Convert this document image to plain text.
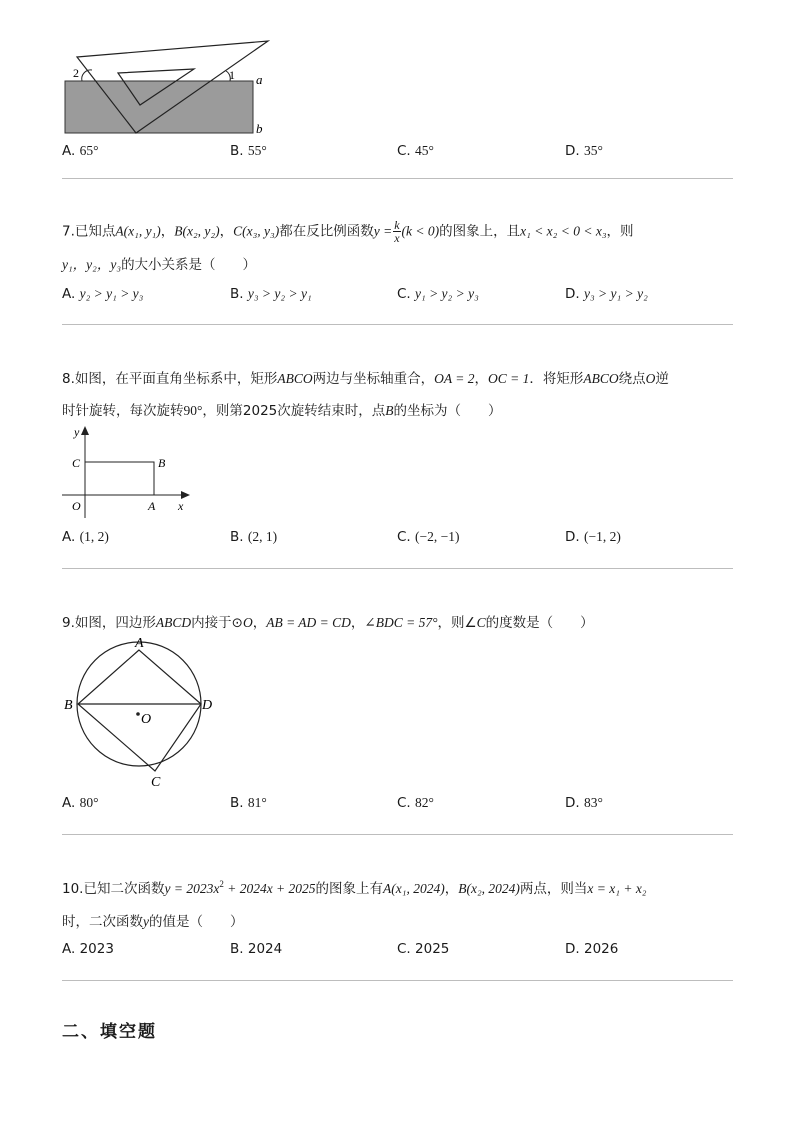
2	1 a
b
A. 65°	B. 55°	C. 45°	D. 35°
7.已知点A(x₁, y₁)，B(x₂, y₂)，C(x₃, y₃)都在反比例函数$y = \frac{k}{x} (k < 0)$的图象上，且x₁ < x₂ < 0 < x₃，则
y₁，y₂，y₃的大小关系是（　　）
A. y₂ > y₁ > y₃	B. y₃ > y₂ > y₁	C. y₁ > y₂ > y₃	D. y₃ > y₁ > y₂
8.如图，在平面直角坐标系中，矩形ABCO两边与坐标轴重合，OA = 2，OC = 1．将矩形ABCO绕点O逆
时针旋转，每次旋转90°，则第2025次旋转结束时，点B的坐标为（　　）
y
x
C	B
O	A
A. (1, 2)	B. (2, 1)	C. (−2, −1)	D. (−1, 2)
9.如图，四边形ABCD内接于⊙O，AB = AD = CD，∠BDC = 57°，则∠C的度数是（　　）
A
B	D
C
O
A. 80°	B. 81°	C. 82°	D. 83°
10.已知二次函数$y = 2023x^2 + 2024x + 2025$的图象上有A(x₁, 2024)，B(x₂, 2024)两点，则当x = x₁ + x₂
时，二次函数y的值是（　　）
A. 2023	B. 2024	C. 2025	D. 2026
二、填空题
